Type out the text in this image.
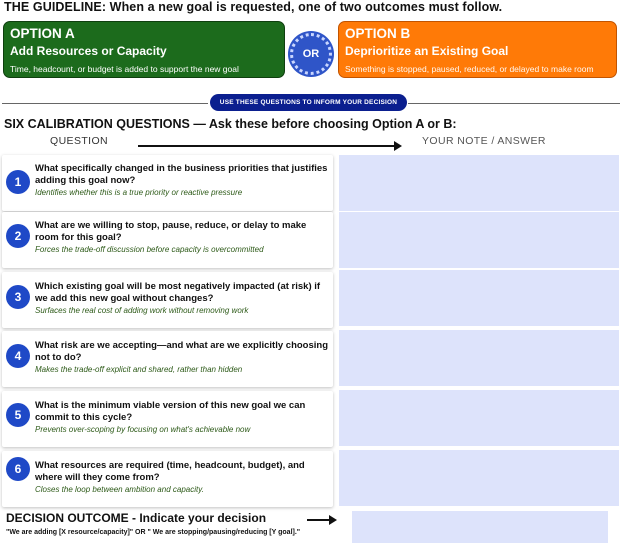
THE GUIDELINE: When a new goal is requested, one of two outcomes must follow.
OPTION A
Add Resources or Capacity
Time, headcount, or budget is added to support the new goal
OR
OPTION B
Deprioritize an Existing Goal
Something is stopped, paused, reduced, or delayed to make room
USE THESE QUESTIONS TO INFORM YOUR DECISION
SIX CALIBRATION QUESTIONS — Ask these before choosing Option A or B:
QUESTION	YOUR NOTE / ANSWER
1
What specifically changed in the business priorities that justifies adding this goal now?
Identifies whether this is a true priority or reactive pressure
2
What are we willing to stop, pause, reduce, or delay to make room for this goal?
Forces the trade-off discussion before capacity is overcommitted
3
Which existing goal will be most negatively impacted (at risk) if we add this new goal without changes?
Surfaces the real cost of adding work without removing work
4
What risk are we accepting—and what are we explicitly choosing not to do?
Makes the trade-off explicit and shared, rather than hidden
5
What is the minimum viable version of this new goal we can commit to this cycle?
Prevents over-scoping by focusing on what's achievable now
6	What resources are required (time, headcount, budget), and where will they come from?
Closes the loop between ambition and capacity.
DECISION OUTCOME - Indicate your decision
"We are adding [X resource/capacity]" OR " We are stopping/pausing/reducing [Y goal]."
